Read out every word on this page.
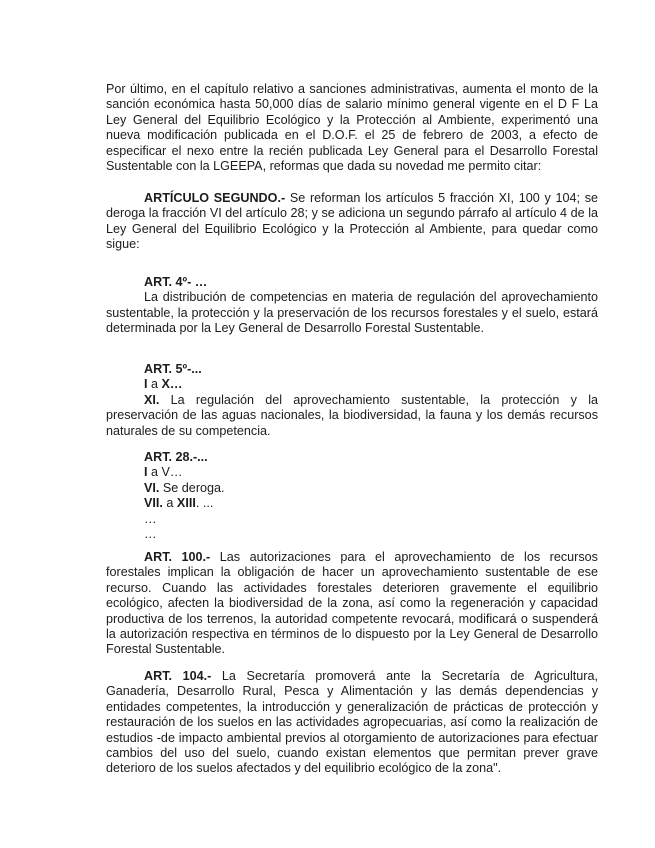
Por último, en el capítulo relativo a sanciones administrativas, aumenta el monto de la sanción económica hasta 50,000 días de salario mínimo general vigente en el D F La Ley General del Equilibrio Ecológico y la Protección al Ambiente, experimentó una nueva modificación publicada en el D.O.F. el 25 de febrero de 2003, a efecto de especificar el nexo entre la recién publicada Ley General para el Desarrollo Forestal Sustentable con la LGEEPA, reformas que dada su novedad me permito citar:

ARTÍCULO SEGUNDO.- Se reforman los artículos 5 fracción XI, 100 y 104; se deroga la fracción VI del artículo 28; y se adiciona un segundo párrafo al artículo 4 de la Ley General del Equilibrio Ecológico y la Protección al Ambiente, para quedar como sigue:

ART. 4º- …

La distribución de competencias en materia de regulación del aprovechamiento sustentable, la protección y la preservación de los recursos forestales y el suelo, estará determinada por la Ley General de Desarrollo Forestal Sustentable.

ART. 5º-...

I a X…

XI. La regulación del aprovechamiento sustentable, la protección y la preservación de las aguas nacionales, la biodiversidad, la fauna y los demás recursos naturales de su competencia.

ART. 28.-...

I a V…

VI. Se deroga.

VII. a XIII. ...

…

…

ART. 100.- Las autorizaciones para el aprovechamiento de los recursos forestales implican la obligación de hacer un aprovechamiento sustentable de ese recurso. Cuando las actividades forestales deterioren gravemente el equilibrio ecológico, afecten la biodiversidad de la zona, así como la regeneración y capacidad productiva de los terrenos, la autoridad competente revocará, modificará o suspenderá la autorización respectiva en términos de lo dispuesto por la Ley General de Desarrollo Forestal Sustentable.

ART. 104.- La Secretaría promoverá ante la Secretaría de Agricultura, Ganadería, Desarrollo Rural, Pesca y Alimentación y las demás dependencias y entidades competentes, la introducción y generalización de prácticas de protección y restauración de los suelos en las actividades agropecuarias, así como la realización de estudios -de impacto ambiental previos al otorgamiento de autorizaciones para efectuar cambios del uso del suelo, cuando existan elementos que permitan prever grave deterioro de los suelos afectados y del equilibrio ecológico de la zona".
